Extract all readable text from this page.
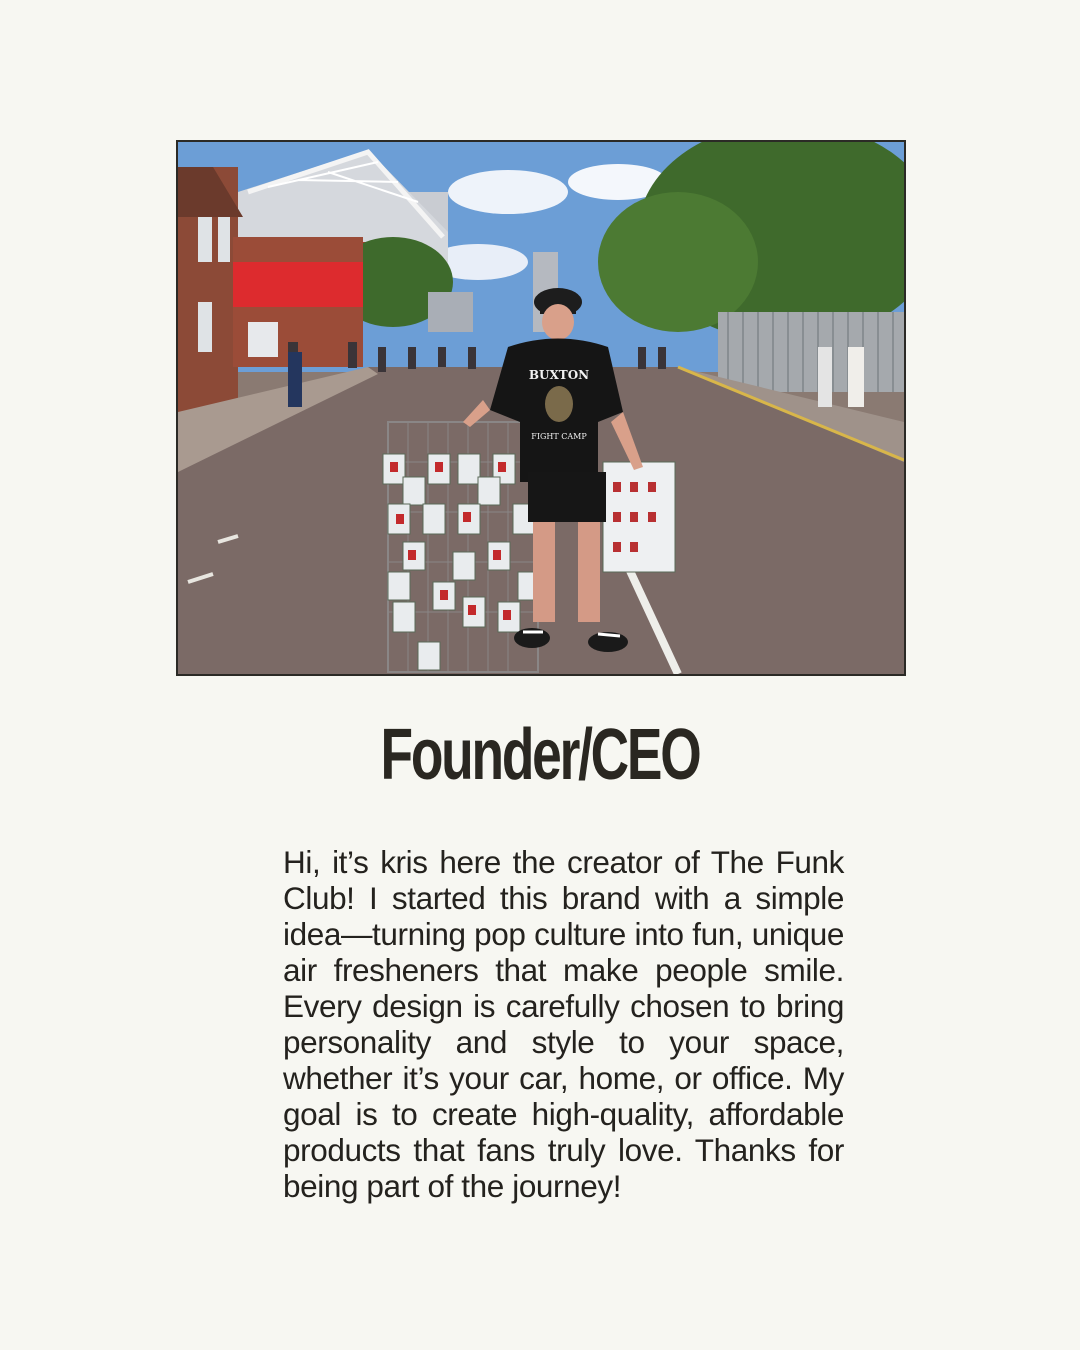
BUXTON
FIGHT CAMP
Founder/CEO
Hi, it’s kris here the creator of The Funk Club! I started this brand with a simple idea—turning pop culture into fun, unique air fresheners that make people smile. Every design is carefully chosen to bring personality and style to your space, whether it’s your car, home, or office. My goal is to create high-quality, affordable products that fans truly love. Thanks for being part of the journey!
